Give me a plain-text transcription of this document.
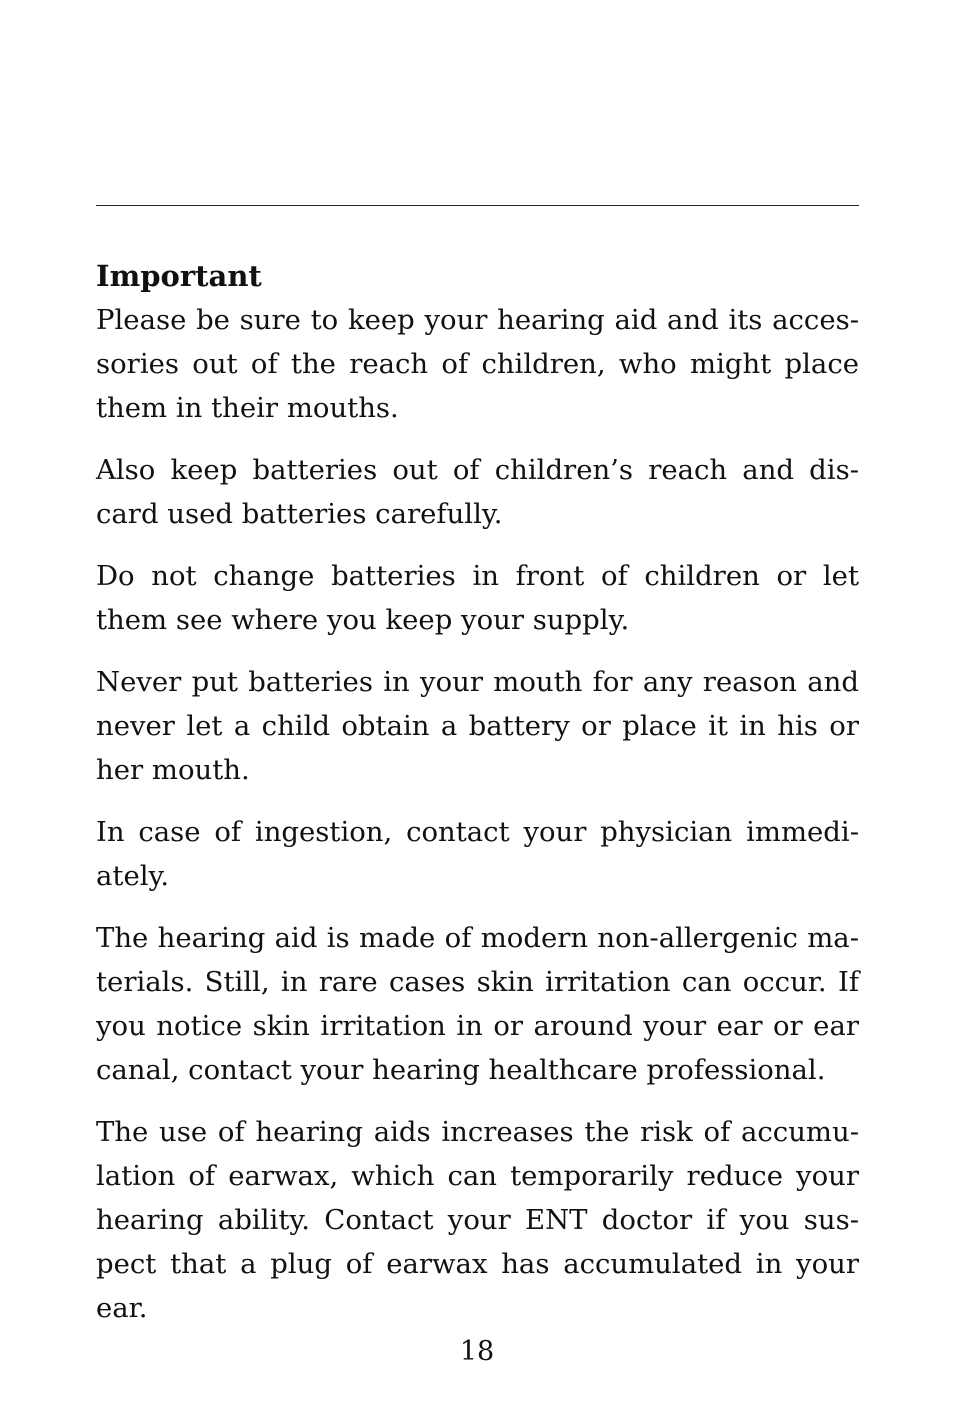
Important

Please be sure to keep your hearing aid and its accessories out of the reach of children, who might place them in their mouths.

Also keep batteries out of children’s reach and discard used batteries carefully.

Do not change batteries in front of children or let them see where you keep your supply.

Never put batteries in your mouth for any reason and never let a child obtain a battery or place it in his or her mouth.

In case of ingestion, contact your physician immediately.

The hearing aid is made of modern non-allergenic materials. Still, in rare cases skin irritation can occur. If you notice skin irritation in or around your ear or ear canal, contact your hearing healthcare professional.

The use of hearing aids increases the risk of accumulation of earwax, which can temporarily reduce your hearing ability. Contact your ENT doctor if you suspect that a plug of earwax has accumulated in your ear.

18
